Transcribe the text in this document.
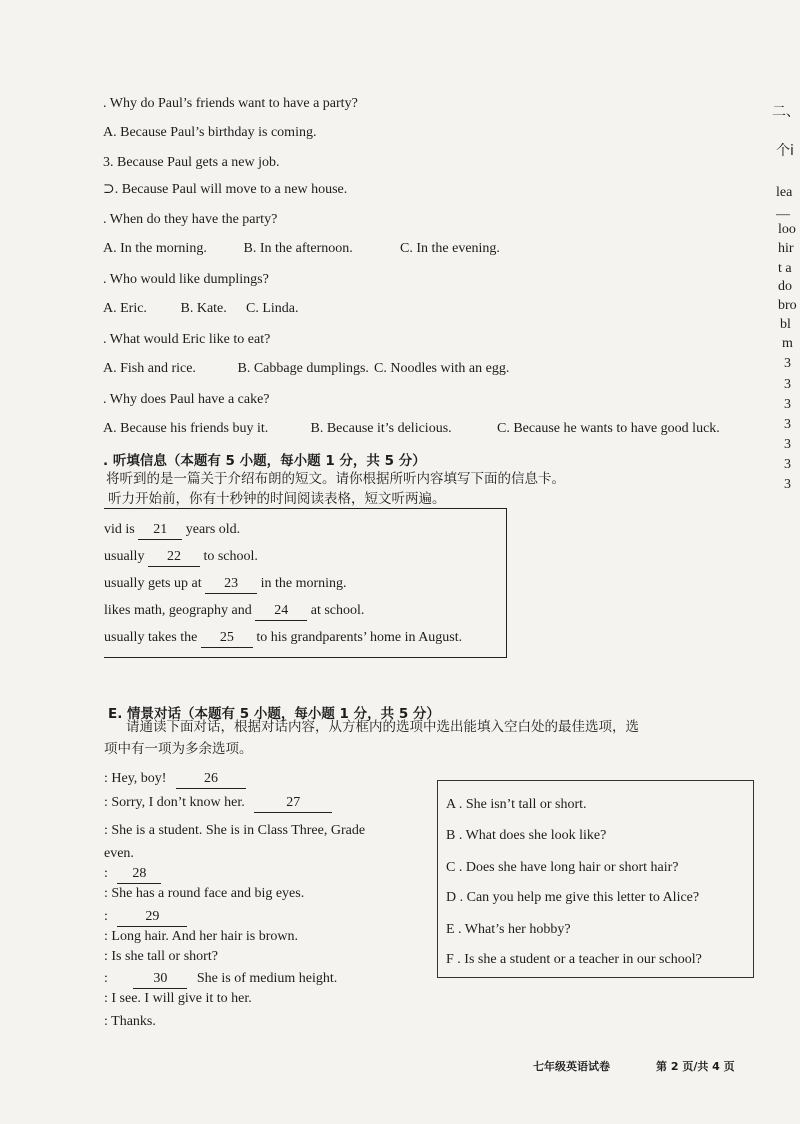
. Why do Paul’s friends want to have a party?
A. Because Paul’s birthday is coming.
3. Because Paul gets a new job.
⊃. Because Paul will move to a new house.
. When do they have the party?
A. In the morning.	B. In the afternoon.	C. In the evening.
. Who would like dumplings?
A. Eric. B. Kate. C. Linda.
. What would Eric like to eat?
A. Fish and rice.	B. Cabbage dumplings. C. Noodles with an egg.
. Why does Paul have a cake?
A. Because his friends buy it.	B. Because it’s delicious.	C. Because he wants to have good luck.
. 听填信息（本题有 5 小题，每小题 1 分，共 5 分）
将听到的是一篇关于介绍布朗的短文。请你根据所听内容填写下面的信息卡。
听力开始前，你有十秒钟的时间阅读表格，短文听两遍。
vid is 21 years old.
usually 22 to school.
usually gets up at 23 in the morning.
likes math, geography and 24 at school.
usually takes the 25 to his grandparents’ home in August.
E. 情景对话（本题有 5 小题，每小题 1 分，共 5 分）
请通读下面对话，根据对话内容，从方框内的选项中选出能填入空白处的最佳选项，选
项中有一项为多余选项。
: Hey, boy!	26
: Sorry, I don’t know her.	27
: She is a student. She is in Class Three, Grade
even.
: 28
: She has a round face and big eyes.
:	29
: Long hair. And her hair is brown.
: Is she tall or short?
:	30 She is of medium height.
: I see. I will give it to her.
: Thanks.
A . She isn’t tall or short.
B . What does she look like?
C . Does she have long hair or short hair?
D . Can you help me give this letter to Alice?
E . What’s her hobby?
F . Is she a student or a teacher in our school?
二、
个i
lea
—
loo
hir
t a
do
bro
bl
m
3
3
3
3
3
3
3
七年级英语试卷	第 2 页/共 4 页
